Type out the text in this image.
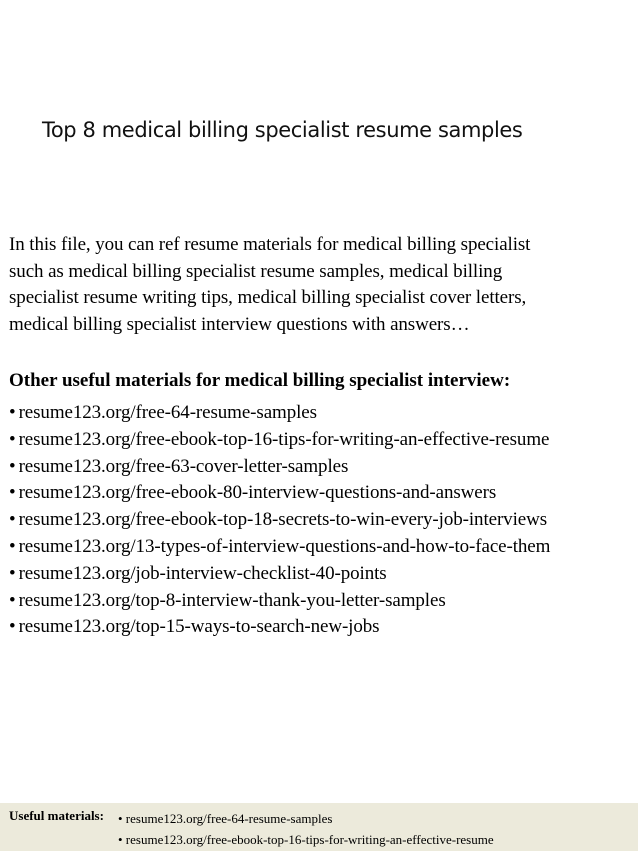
Top 8 medical billing specialist resume samples

In this file, you can ref resume materials for medical billing specialist
such as medical billing specialist resume samples, medical billing
specialist resume writing tips, medical billing specialist cover letters,
medical billing specialist interview questions with answers…

Other useful materials for medical billing specialist interview:
• resume123.org/free-64-resume-samples
• resume123.org/free-ebook-top-16-tips-for-writing-an-effective-resume
• resume123.org/free-63-cover-letter-samples
• resume123.org/free-ebook-80-interview-questions-and-answers
• resume123.org/free-ebook-top-18-secrets-to-win-every-job-interviews
• resume123.org/13-types-of-interview-questions-and-how-to-face-them
• resume123.org/job-interview-checklist-40-points
• resume123.org/top-8-interview-thank-you-letter-samples
• resume123.org/top-15-ways-to-search-new-jobs
Useful materials: • resume123.org/free-64-resume-samples
• resume123.org/free-ebook-top-16-tips-for-writing-an-effective-resume
